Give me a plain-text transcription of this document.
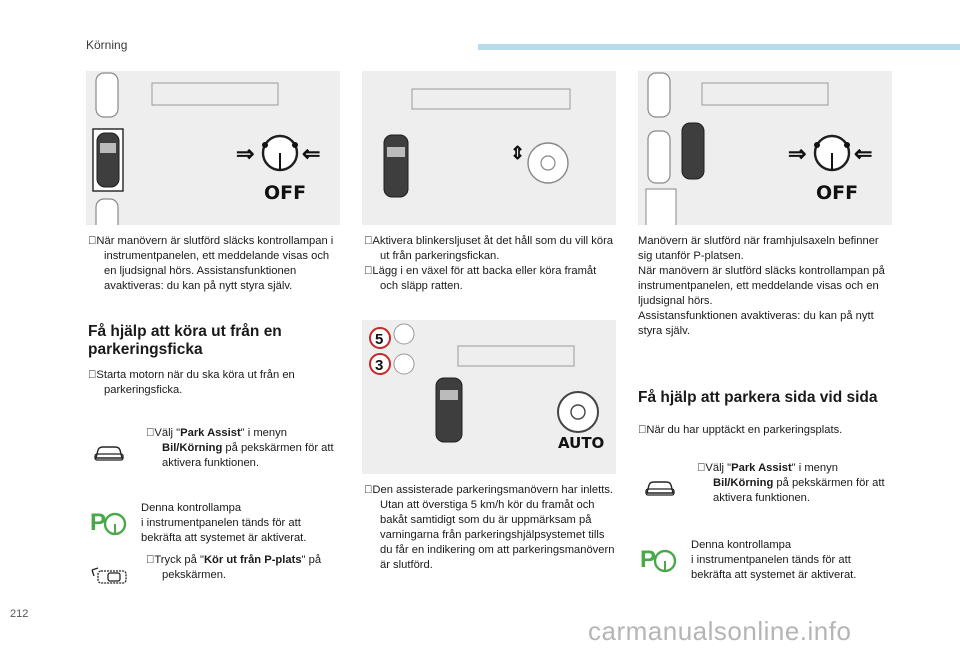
Körning
⇒ ⇐
OFF
⇕	⇒ ⇐
OFF
5
3
AUTO

När manövern är slutförd släcks kontrollampan i instrumentpanelen, ett meddelande visas och en ljudsignal hörs. Assistansfunktionen avaktiveras: du kan på nytt styra själv.

Få hjälp att köra ut från en parkeringsficka

Starta motorn när du ska köra ut från en parkeringsficka.

Välj "Park Assist" i menyn Bil/Körning på pekskärmen för att aktivera funktionen.

P
Denna kontrollampa
i instrumentpanelen tänds för att bekräfta att systemet är aktiverat.

Tryck på "Kör ut från P-plats" på pekskärmen.

Aktivera blinkersljuset åt det håll som du vill köra ut från parkeringsfickan.

Lägg i en växel för att backa eller köra framåt och släpp ratten.

Den assisterade parkeringsmanövern har inletts.
Utan att överstiga 5 km/h kör du framåt och bakåt samtidigt som du är uppmärksam på varningarna från parkeringshjälpsystemet tills du får en indikering om att parkeringsmanövern är slutförd.

Manövern är slutförd när framhjulsaxeln befinner sig utanför P-platsen.
När manövern är slutförd släcks kontrollampan på instrumentpanelen, ett meddelande visas och en ljudsignal hörs.
Assistansfunktionen avaktiveras: du kan på nytt styra själv.

Få hjälp att parkera sida vid sida

När du har upptäckt en parkeringsplats.

Välj "Park Assist" i menyn Bil/Körning på pekskärmen för att aktivera funktionen.

P
Denna kontrollampa
i instrumentpanelen tänds för att bekräfta att systemet är aktiverat.
212
carmanualsonline.info
